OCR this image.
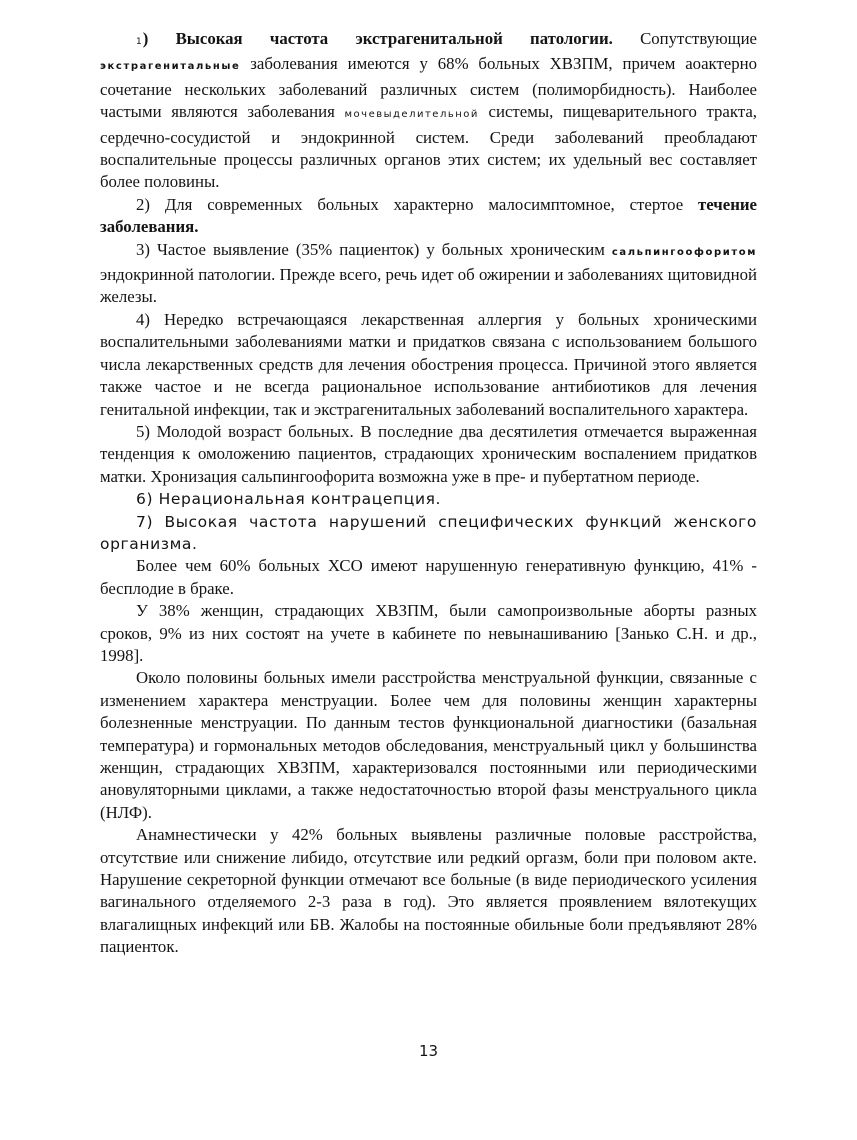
1) Высокая частота экстрагенитальной патологии. Сопутствующие экстрагенитальные заболевания имеются у 68% больных ХВЗПМ, причем аоактерно сочетание нескольких заболеваний различных систем (полиморбидность). Наиболее частыми являются заболевания мочевыделительной системы, пищеварительного тракта, сердечно-сосудистой и эндокринной систем. Среди заболеваний преобладают воспалительные процессы различных органов этих систем; их удельный вес составляет более половины.

2) Для современных больных характерно малосимптомное, стертое течение заболевания.

3) Частое выявление (35% пациенток) у больных хроническим сальпингоофоритом эндокринной патологии. Прежде всего, речь идет об ожирении и заболеваниях щитовидной железы.

4) Нередко встречающаяся лекарственная аллергия у больных хроническими воспалительными заболеваниями матки и придатков связана с использованием большого числа лекарственных средств для лечения обострения процесса. Причиной этого является также частое и не всегда рациональное использование антибиотиков для лечения генитальной инфекции, так и экстрагенитальных заболеваний воспалительного характера.

5) Молодой возраст больных. В последние два десятилетия отмечается выраженная тенденция к омоложению пациентов, страдающих хроническим воспалением придатков матки. Хронизация сальпингоофорита возможна уже в пре- и пубертатном периоде.

6) Нерациональная контрацепция.

7) Высокая частота нарушений специфических функций женского организма.

Более чем 60% больных ХСО имеют нарушенную генеративную функцию, 41% - бесплодие в браке.

У 38% женщин, страдающих ХВЗПМ, были самопроизвольные аборты разных сроков, 9% из них состоят на учете в кабинете по невынашиванию [Занько С.Н. и др., 1998].

Около половины больных имели расстройства менструальной функции, связанные с изменением характера менструации. Более чем для половины женщин характерны болезненные менструации. По данным тестов функциональной диагностики (базальная температура) и гормональных методов обследования, менструальный цикл у большинства женщин, страдающих ХВЗПМ, характеризовался постоянными или периодическими ановуляторными циклами, а также недостаточностью второй фазы менструального цикла (НЛФ).

Анамнестически у 42% больных выявлены различные половые расстройства, отсутствие или снижение либидо, отсутствие или редкий оргазм, боли при половом акте. Нарушение секреторной функции отмечают все больные (в виде периодического усиления вагинального отделяемого 2-3 раза в год). Это является проявлением вялотекущих влагалищных инфекций или БВ. Жалобы на постоянные обильные боли предъявляют 28% пациенток.

13
